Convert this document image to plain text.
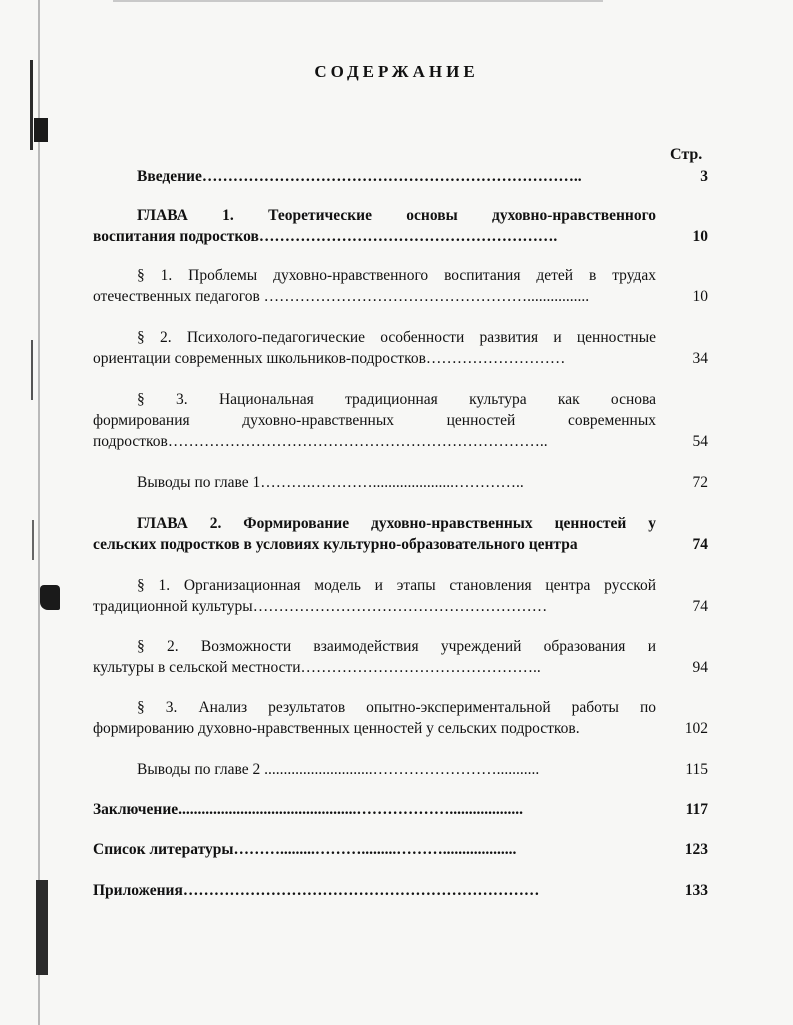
СОДЕРЖАНИЕ
Стр.
Введение………………………………………………………………..	3
ГЛАВА 1. Теоретические основы духовно-нравственного
воспитания подростков………………………………………………….	10
§ 1. Проблемы духовно-нравственного воспитания детей в трудах
отечественных педагогов ……………………………………………................	10
§ 2. Психолого-педагогические особенности развития и ценностные
ориентации современных школьников-подростков………………………	34
§ 3. Национальная традиционная культура как основа
формирования духовно-нравственных ценностей современных
подростков………………………………………………………………..	54
Выводы по главе 1……….………….....................…………..	72
ГЛАВА 2. Формирование духовно-нравственных ценностей у
сельских подростков в условиях культурно-образовательного центра	74
§ 1. Организационная модель и этапы становления центра русской
традиционной культуры…………………………………………………	74
§ 2. Возможности взаимодействия учреждений образования и
культуры в сельской местности………………………………………..	94
§ 3. Анализ результатов опытно-экспериментальной работы по
формированию духовно-нравственных ценностей у сельских подростков.	102
Выводы по главе 2 ............................……………………...........	115
Заключение..............................................………………...................	117
Список литературы……….........……….........………...................	123
Приложения……………………………………………………………	133
